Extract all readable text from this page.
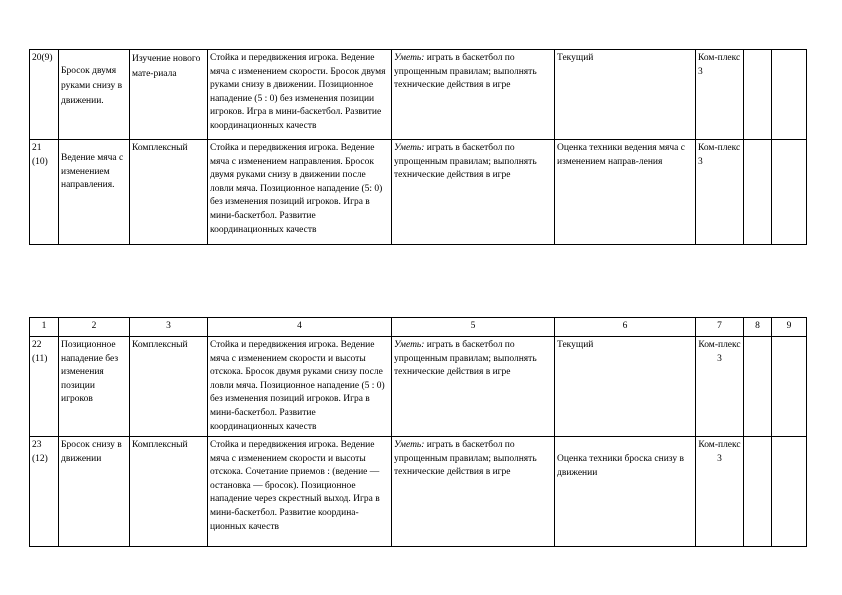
20(9)	Бросок двумя руками снизу в движении.	Изучение нового мате-риала	Стойка и передвижения игрока. Ведение мяча с изменением скорости. Бросок двумя руками снизу в движении. Позиционное нападение (5 : 0) без изменения позиции игроков. Игра в мини-баскетбол. Развитие координационных качеств	Уметь: играть в баскетбол по упрощенным правилам; выполнять технические действия в игре	Текущий	Ком-плекс 3		
21 (10)	Ведение мяча с изменением направления.	Комплексный	Стойка и передвижения игрока. Ведение мяча с изменением направления. Бросок двумя руками снизу в движении после ловли мяча. Позиционное нападение (5: 0) без изменения позиций игроков. Игра в мини-баскетбол. Развитие координационных качеств	Уметь: играть в баскетбол по упрощенным правилам; выполнять технические действия в игре	Оценка техники ведения мяча с изменением направ-ления	Ком-плекс 3		
1	2	3	4	5	6	7	8	9
22 (11)	Позиционное нападение без изменения позиции игроков	Комплексный	Стойка и передвижения игрока. Ведение мяча с изменением скорости и высоты отскока. Бросок двумя руками снизу после ловли мяча. Позиционное нападение (5 : 0) без изменения позиций игроков. Игра в мини-баскетбол. Развитие координационных качеств	Уметь: играть в баскетбол по упрощенным правилам; выполнять технические действия в игре	Текущий	Ком-плекс 3		
23 (12)	Бросок снизу в движении	Комплексный	Стойка и передвижения игрока. Ведение мяча с изменением скорости и высоты отскока. Сочетание приемов : (ведение — остановка — бросок). Позиционное нападение через скрестный выход. Игра в мини-баскетбол. Развитие координа-ционных качеств	Уметь: играть в баскетбол по упрощенным правилам; выполнять технические действия в игре	Оценка техники броска снизу в движении	Ком-плекс 3		
